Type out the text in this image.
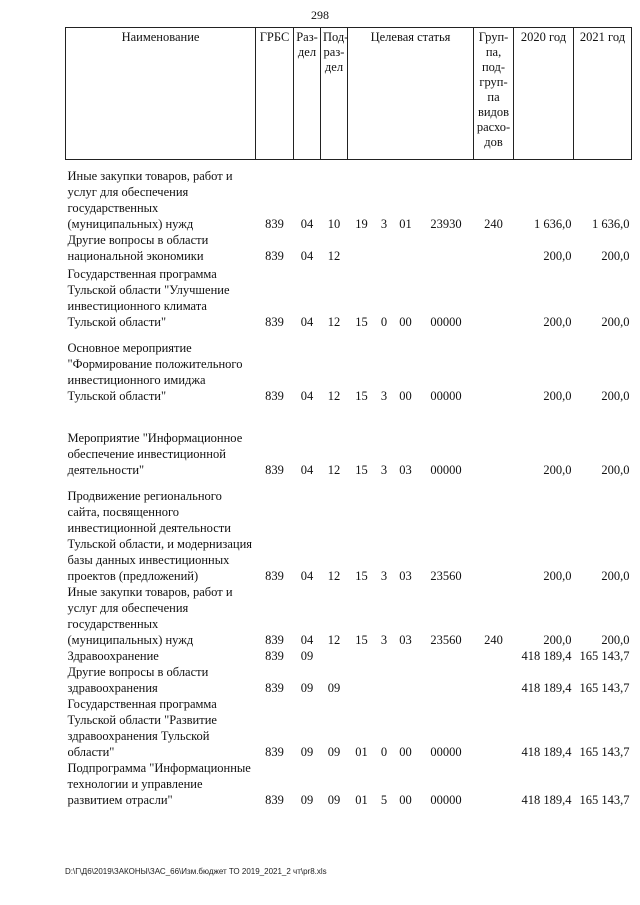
298
Наименование	ГРБС	Раз-дел	Под-раз-дел	Целевая статья				Груп-па, под-груп-па видов расхо-дов	2020 год	2021 год
Иные закупки товаров, работ и услуг для обеспечения государственных (муниципальных) нужд	839	04	10	19	3	01	23930	240	1 636,0	1 636,0
Другие вопросы в области национальной экономики	839	04	12						200,0	200,0
Государственная программа Тульской области "Улучшение инвестиционного климата Тульской области"	839	04	12	15	0	00	00000		200,0	200,0
Основное мероприятие "Формирование положительного инвестиционного имиджа Тульской области"	839	04	12	15	3	00	00000		200,0	200,0
Мероприятие "Информационное обеспечение инвестиционной деятельности"	839	04	12	15	3	03	00000		200,0	200,0
Продвижение регионального сайта, посвященного инвестиционной деятельности Тульской области, и модернизация базы данных инвестиционных проектов (предложений)	839	04	12	15	3	03	23560		200,0	200,0
Иные закупки товаров, работ и услуг для обеспечения государственных (муниципальных) нужд	839	04	12	15	3	03	23560	240	200,0	200,0
Здравоохранение	839	09							418 189,4	165 143,7
Другие вопросы в области здравоохранения	839	09	09						418 189,4	165 143,7
Государственная программа Тульской области "Развитие здравоохранения Тульской области"	839	09	09	01	0	00	00000		418 189,4	165 143,7
Подпрограмма "Информационные технологии и управление развитием отрасли"	839	09	09	01	5	00	00000		418 189,4	165 143,7
D:\Г\Д6\2019\ЗАКОНЫ\ЗАС_66\Изм.бюджет ТО 2019_2021_2 чт\pr8.xls
